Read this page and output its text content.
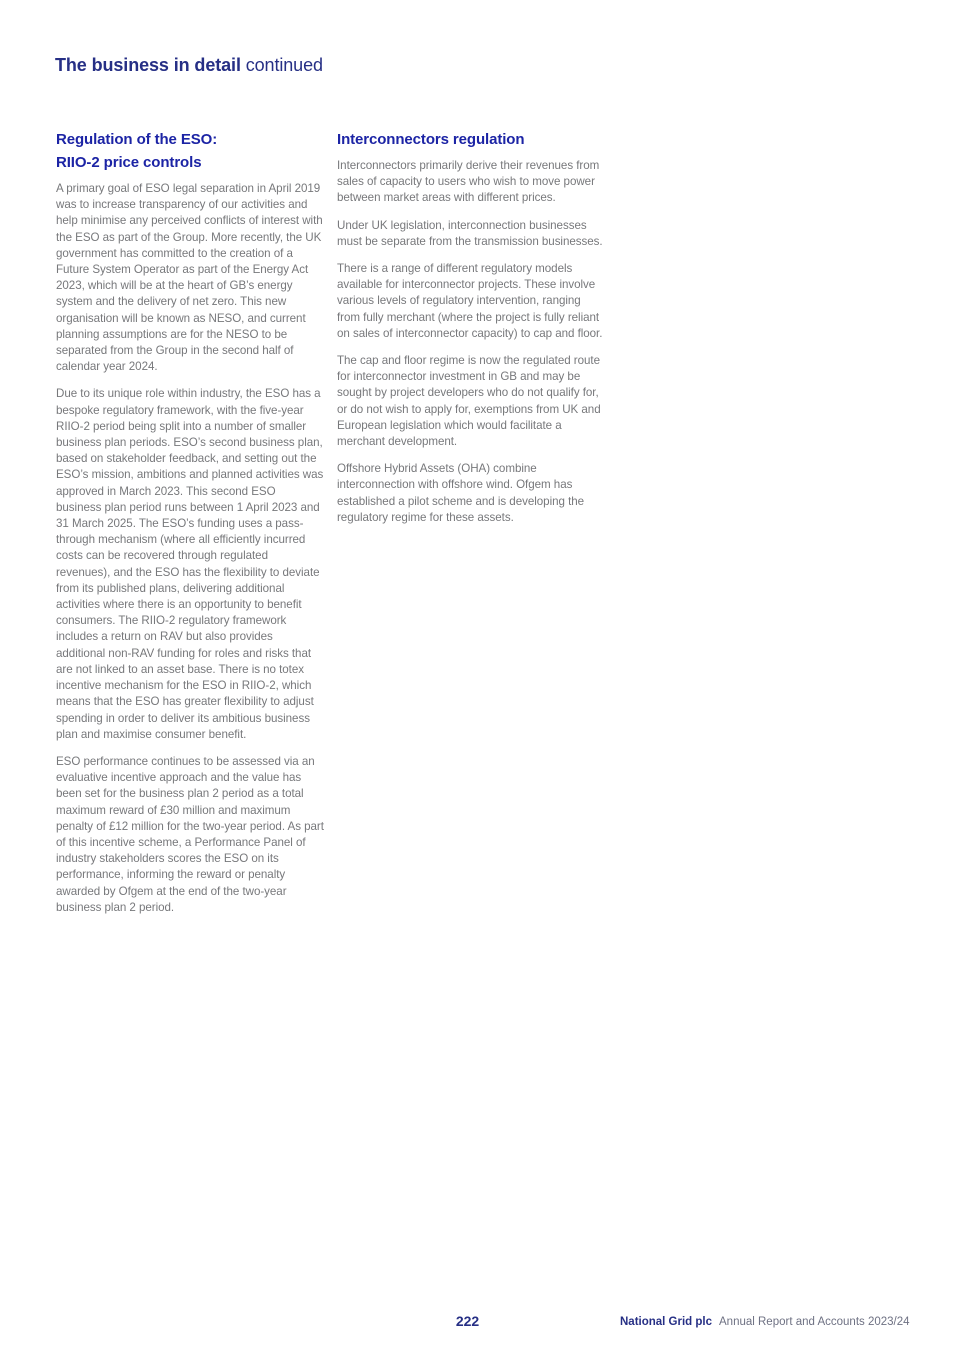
The business in detail continued
Regulation of the ESO:
RIIO-2 price controls

A primary goal of ESO legal separation in April 2019 was to increase transparency of our activities and help minimise any perceived conflicts of interest with the ESO as part of the Group. More recently, the UK government has committed to the creation of a Future System Operator as part of the Energy Act 2023, which will be at the heart of GB’s energy system and the delivery of net zero. This new organisation will be known as NESO, and current planning assumptions are for the NESO to be separated from the Group in the second half of calendar year 2024.

Due to its unique role within industry, the ESO has a bespoke regulatory framework, with the five-year RIIO-2 period being split into a number of smaller business plan periods. ESO’s second business plan, based on stakeholder feedback, and setting out the ESO’s mission, ambitions and planned activities was approved in March 2023. This second ESO business plan period runs between 1 April 2023 and 31 March 2025. The ESO’s funding uses a pass-through mechanism (where all efficiently incurred costs can be recovered through regulated revenues), and the ESO has the flexibility to deviate from its published plans, delivering additional activities where there is an opportunity to benefit consumers. The RIIO-2 regulatory framework includes a return on RAV but also provides additional non-RAV funding for roles and risks that are not linked to an asset base. There is no totex incentive mechanism for the ESO in RIIO-2, which means that the ESO has greater flexibility to adjust spending in order to deliver its ambitious business plan and maximise consumer benefit.

ESO performance continues to be assessed via an evaluative incentive approach and the value has been set for the business plan 2 period as a total maximum reward of £30 million and maximum penalty of £12 million for the two-year period. As part of this incentive scheme, a Performance Panel of industry stakeholders scores the ESO on its performance, informing the reward or penalty awarded by Ofgem at the end of the two-year business plan 2 period.

Interconnectors regulation

Interconnectors primarily derive their revenues from sales of capacity to users who wish to move power between market areas with different prices.

Under UK legislation, interconnection businesses must be separate from the transmission businesses.

There is a range of different regulatory models available for interconnector projects. These involve various levels of regulatory intervention, ranging from fully merchant (where the project is fully reliant on sales of interconnector capacity) to cap and floor.

The cap and floor regime is now the regulated route for interconnector investment in GB and may be sought by project developers who do not qualify for, or do not wish to apply for, exemptions from UK and European legislation which would facilitate a merchant development.

Offshore Hybrid Assets (OHA) combine interconnection with offshore wind. Ofgem has established a pilot scheme and is developing the regulatory regime for these assets.

222	National Grid plc Annual Report and Accounts 2023/24
